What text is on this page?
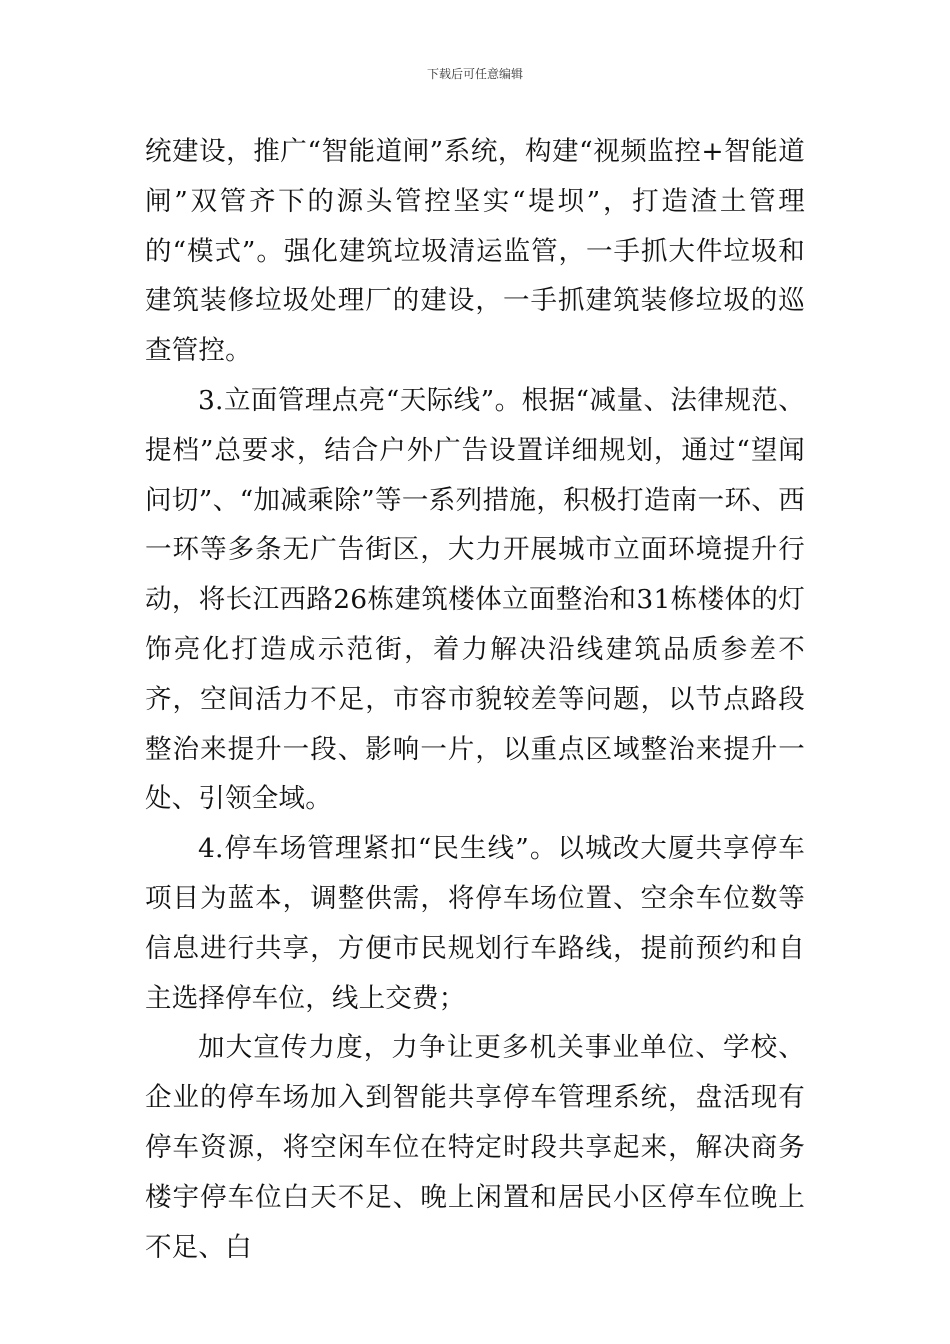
下载后可任意编辑

统建设，推广“智能道闸”系统，构建“视频监控+智能道闸”双管齐下的源头管控坚实“堤坝”，打造渣土管理的“模式”。强化建筑垃圾清运监管，一手抓大件垃圾和建筑装修垃圾处理厂的建设，一手抓建筑装修垃圾的巡查管控。

3.立面管理点亮“天际线”。根据“减量、法律规范、提档”总要求，结合户外广告设置详细规划，通过“望闻问切”、“加减乘除”等一系列措施，积极打造南一环、西一环等多条无广告街区，大力开展城市立面环境提升行动，将长江西路26栋建筑楼体立面整治和31栋楼体的灯饰亮化打造成示范街，着力解决沿线建筑品质参差不齐，空间活力不足，市容市貌较差等问题，以节点路段整治来提升一段、影响一片，以重点区域整治来提升一处、引领全域。

4.停车场管理紧扣“民生线”。以城改大厦共享停车项目为蓝本，调整供需，将停车场位置、空余车位数等信息进行共享，方便市民规划行车路线，提前预约和自主选择停车位，线上交费；

加大宣传力度，力争让更多机关事业单位、学校、企业的停车场加入到智能共享停车管理系统，盘活现有停车资源，将空闲车位在特定时段共享起来，解决商务楼宇停车位白天不足、晚上闲置和居民小区停车位晚上不足、白
